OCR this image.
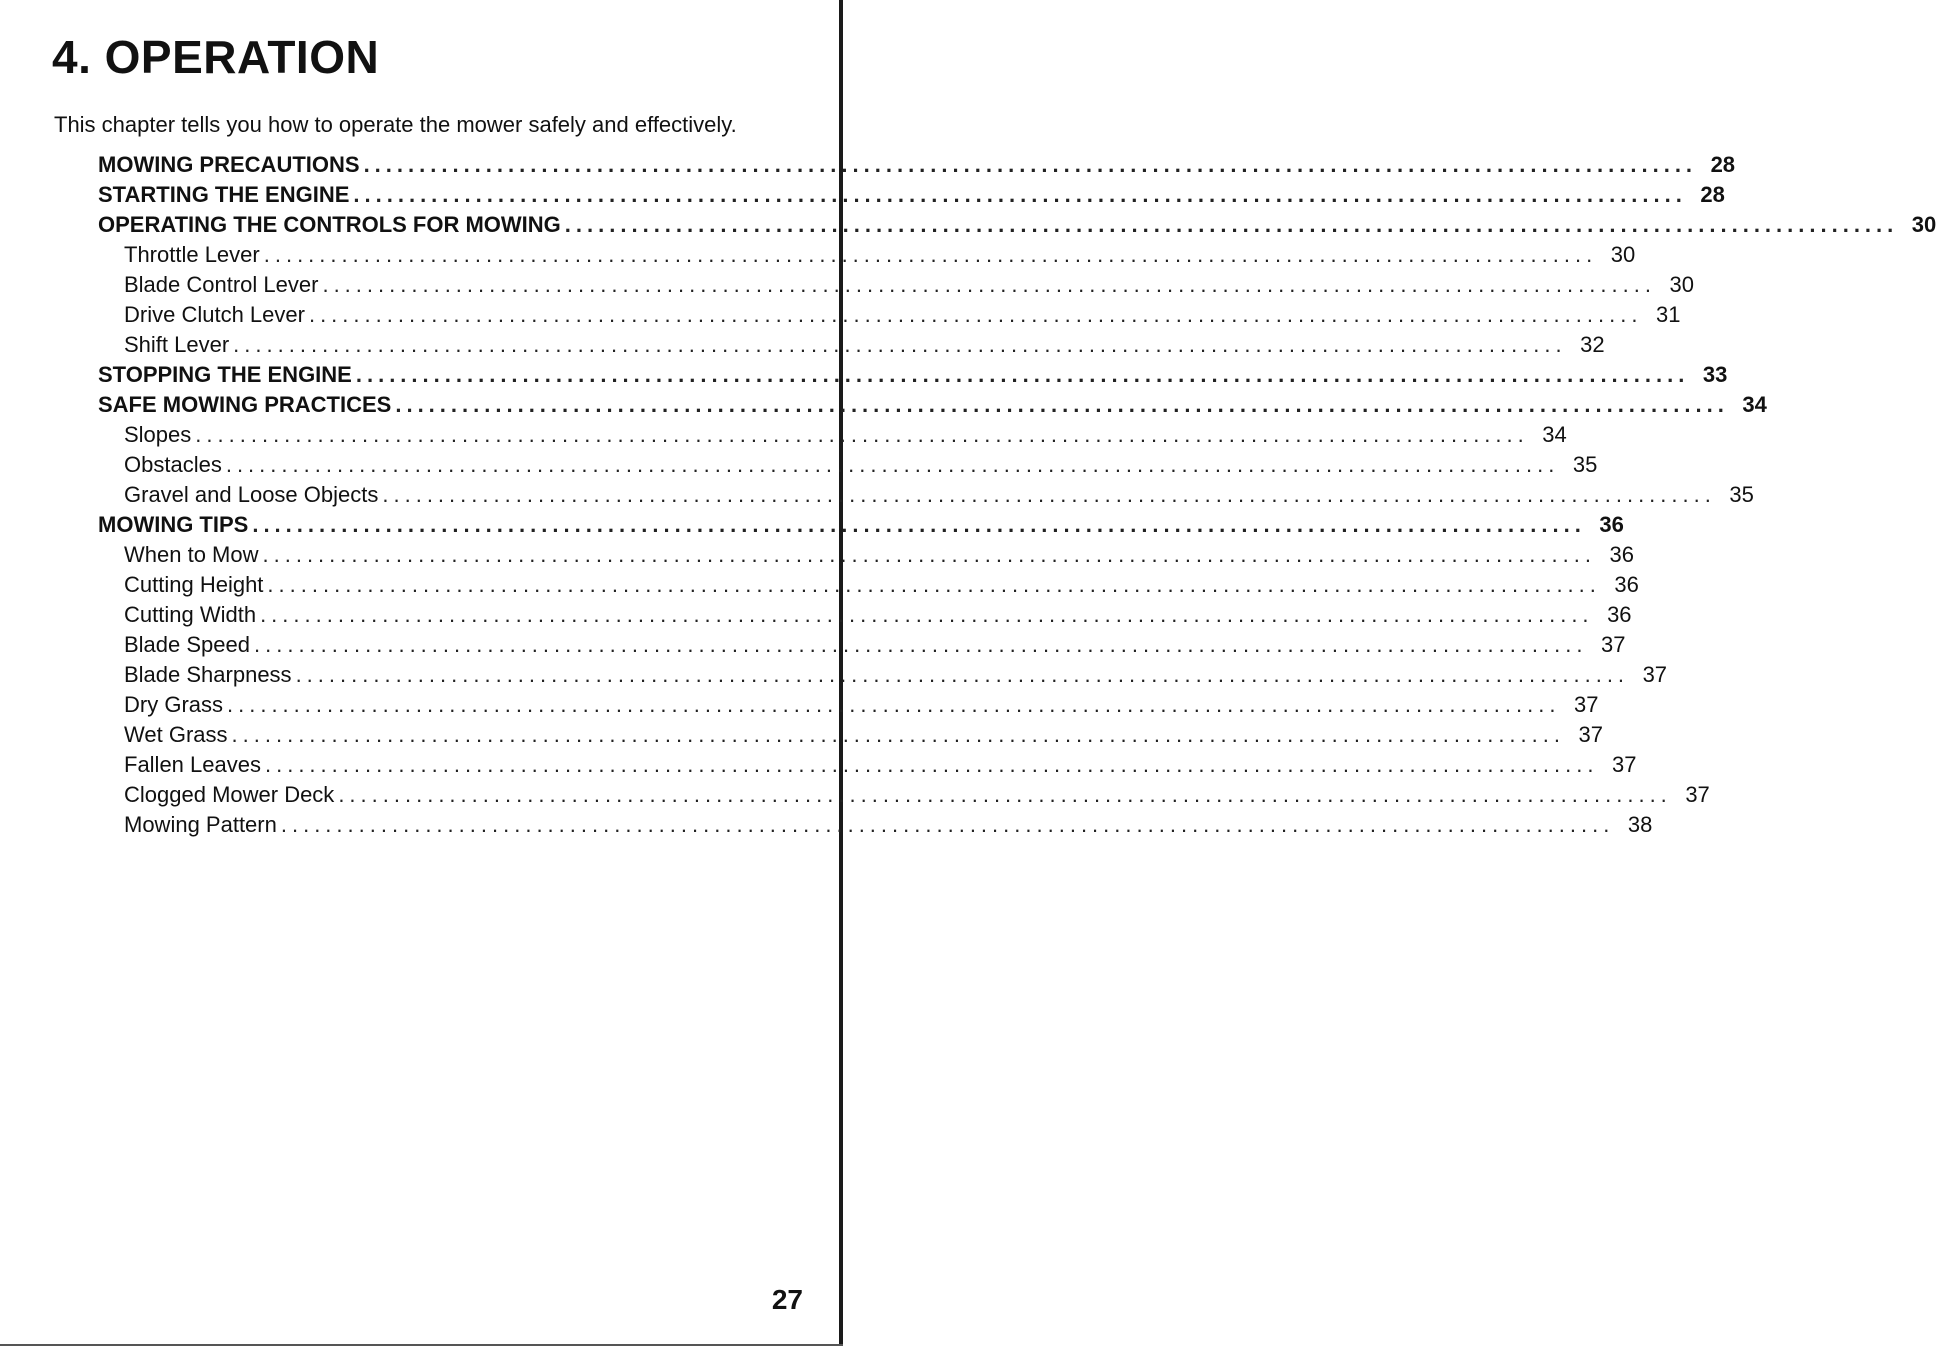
4. OPERATION

This chapter tells you how to operate the mower safely and effectively.

MOWING PRECAUTIONS ........................................................................................................................ 28
STARTING THE ENGINE ........................................................................................................................ 28
OPERATING THE CONTROLS FOR MOWING ........................................................................................................................ 30
Throttle Lever ........................................................................................................................ 30
Blade Control Lever ........................................................................................................................ 30
Drive Clutch Lever ........................................................................................................................ 31
Shift Lever ........................................................................................................................ 32
STOPPING THE ENGINE ........................................................................................................................ 33
SAFE MOWING PRACTICES ........................................................................................................................ 34
Slopes ........................................................................................................................ 34
Obstacles ........................................................................................................................ 35
Gravel and Loose Objects ........................................................................................................................ 35
MOWING TIPS ........................................................................................................................ 36
When to Mow ........................................................................................................................ 36
Cutting Height ........................................................................................................................ 36
Cutting Width ........................................................................................................................ 36
Blade Speed ........................................................................................................................ 37
Blade Sharpness ........................................................................................................................ 37
Dry Grass ........................................................................................................................ 37
Wet Grass ........................................................................................................................ 37
Fallen Leaves ........................................................................................................................ 37
Clogged Mower Deck ........................................................................................................................ 37
Mowing Pattern ........................................................................................................................ 38

27
